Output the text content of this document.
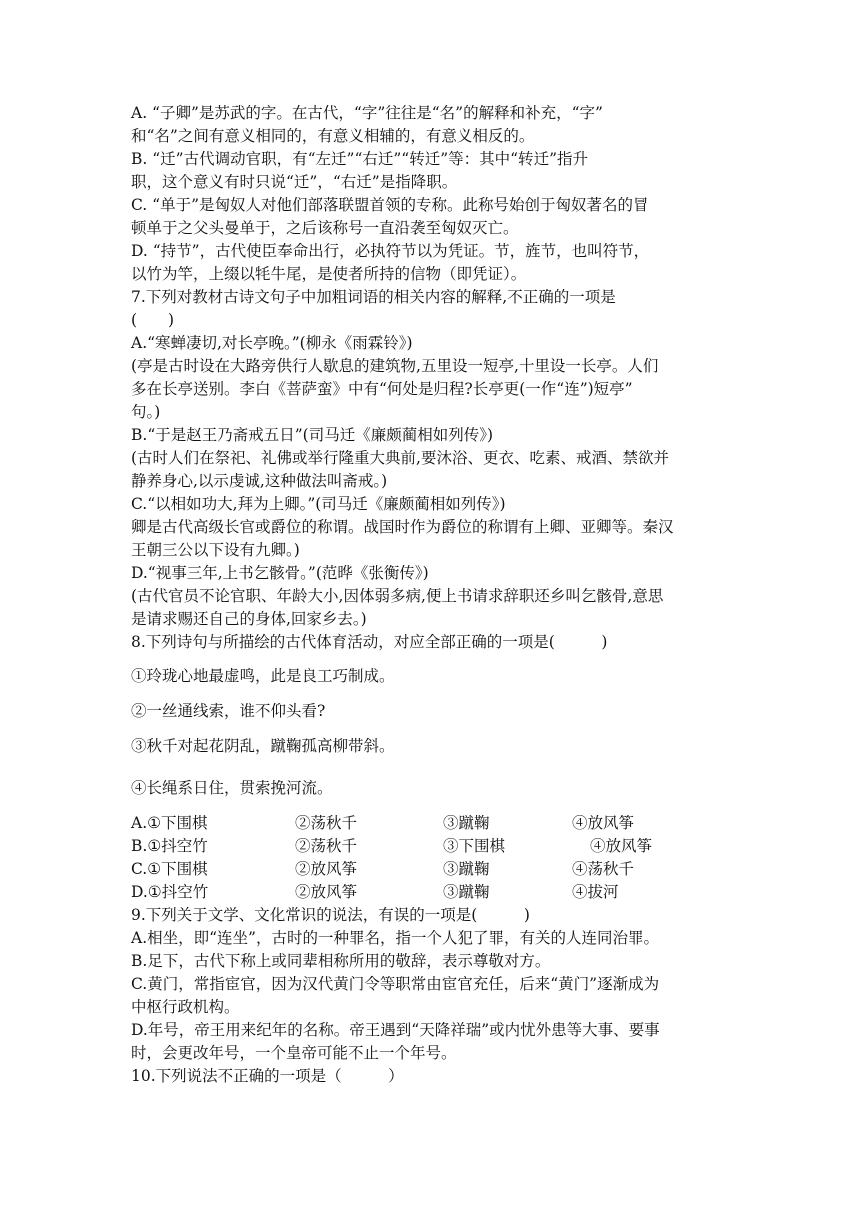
A. “子卿”是苏武的字。在古代，“字”往往是“名”的解释和补充，“字”
和“名”之间有意义相同的，有意义相辅的，有意义相反的。
B. “迁”古代调动官职，有“左迁”“右迁”“转迁”等：其中“转迁”指升
职，这个意义有时只说“迁”，“右迁”是指降职。
C. “单于”是匈奴人对他们部落联盟首领的专称。此称号始创于匈奴著名的冒
顿单于之父头曼单于，之后该称号一直沿袭至匈奴灭亡。
D. “持节”，古代使臣奉命出行，必执符节以为凭证。节，旌节，也叫符节，
以竹为竿，上缀以牦牛尾，是使者所持的信物（即凭证）。
7.下列对教材古诗文句子中加粗词语的相关内容的解释,不正确的一项是
(　　)
A.“寒蝉凄切,对长亭晚。”(柳永《雨霖铃》)
(亭是古时设在大路旁供行人歇息的建筑物,五里设一短亭,十里设一长亭。人们
多在长亭送别。李白《菩萨蛮》中有“何处是归程?长亭更(一作“连”)短亭”
句。)
B.“于是赵王乃斋戒五日”(司马迁《廉颇蔺相如列传》)
(古时人们在祭祀、礼佛或举行隆重大典前,要沐浴、更衣、吃素、戒酒、禁欲并
静养身心,以示虔诚,这种做法叫斋戒。)
C.“以相如功大,拜为上卿。”(司马迁《廉颇蔺相如列传》)
卿是古代高级长官或爵位的称谓。战国时作为爵位的称谓有上卿、亚卿等。秦汉
王朝三公以下设有九卿。)
D.“视事三年,上书乞骸骨。”(范晔《张衡传》)
(古代官员不论官职、年龄大小,因体弱多病,便上书请求辞职还乡叫乞骸骨,意思
是请求赐还自己的身体,回家乡去。)
8.下列诗句与所描绘的古代体育活动，对应全部正确的一项是(　　　)
①玲珑心地最虚鸣，此是良工巧制成。
②一丝通线索，谁不仰头看?
③秋千对起花阴乱，蹴鞠孤高柳带斜。
④长绳系日住，贯索挽河流。
A.①下围棋	②荡秋千	③蹴鞠	④放风筝
B.①抖空竹	②荡秋千	③下围棋	④放风筝
C.①下围棋	②放风筝	③蹴鞠	④荡秋千
D.①抖空竹	②放风筝	③蹴鞠	④拔河
9.下列关于文学、文化常识的说法，有误的一项是(　　　)
A.相坐，即“连坐”，古时的一种罪名，指一个人犯了罪，有关的人连同治罪。
B.足下，古代下称上或同辈相称所用的敬辞，表示尊敬对方。
C.黄门，常指宦官，因为汉代黄门令等职常由宦官充任，后来“黄门”逐渐成为
中枢行政机构。
D.年号，帝王用来纪年的名称。帝王遇到“天降祥瑞”或内忧外患等大事、要事
时，会更改年号，一个皇帝可能不止一个年号。
10.下列说法不正确的一项是（　　　）
